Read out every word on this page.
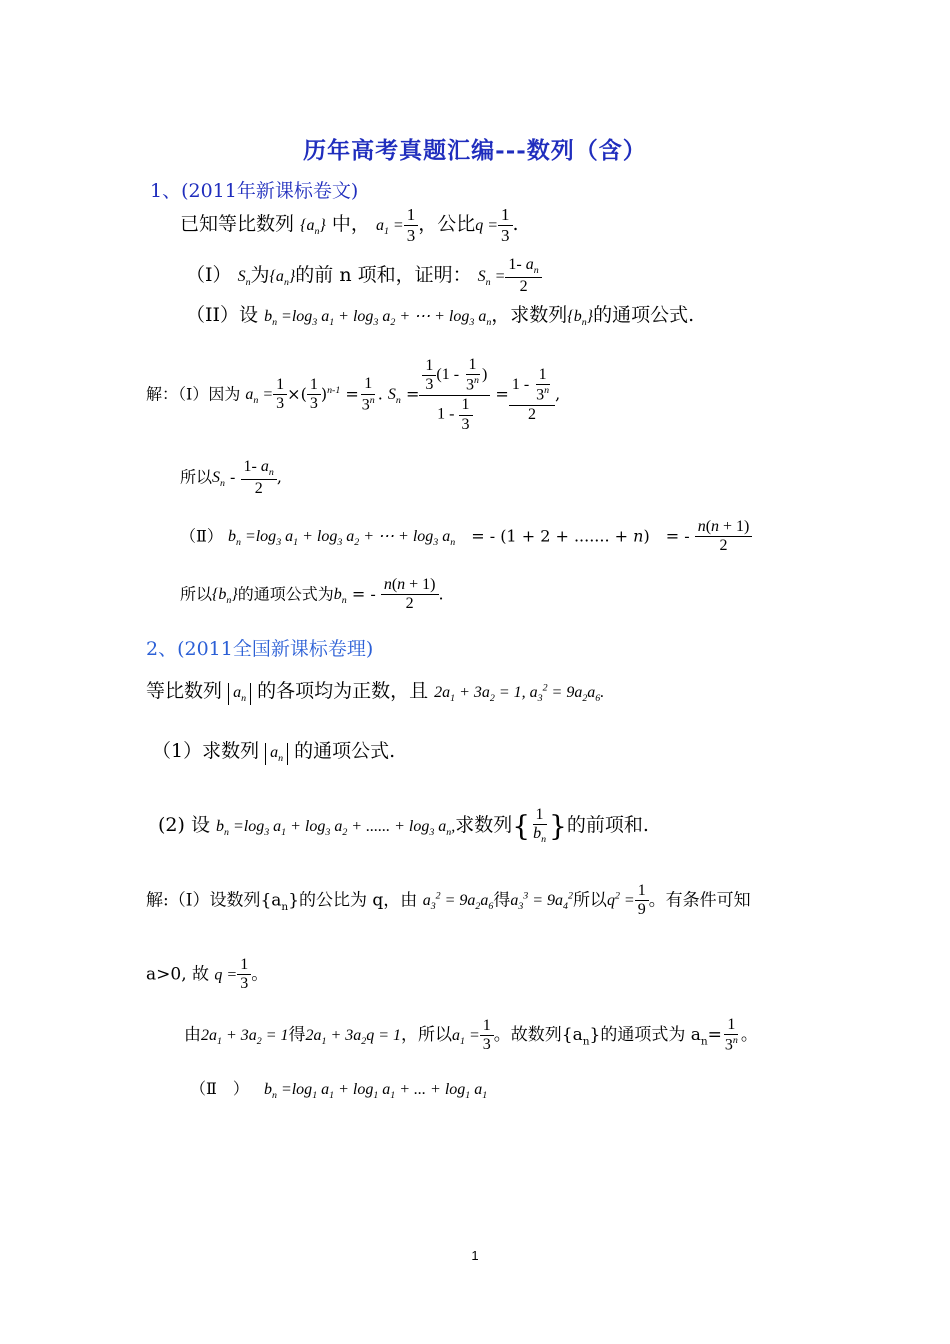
历年高考真题汇编---数列（含）
1、(2011年新课标卷文)
已知等比数列 $\{a_n\}$ 中， $a_1 = \frac{1}{3}$ ，公比$q = \frac{1}{3}$ .
（I） $S_n$为$\{a_n\}$的前 n 项和，证明： $S_n = \frac{1- a_n}{2}$
（II）设 $b_n =\log_3$ $a_1 + \log_3 a_2$ + ⋯ + $\log_3 a_n$，求数列$\{b_n\}$的通项公式.
解：（Ⅰ）因为 $a_n = \frac{1}{3}$ ×( $\frac{1}{3} )^{n-1} = \frac{1}{3^n}$ . $S_n = \frac{\frac{1}{3} (1 - \frac{1}{3^n} )}{1 - \frac{1}{3}} = \frac{1 - \frac{1}{3^n}}{2}$ ,
所以$S_n - \frac{1- a_n}{2}$ ,
（Ⅱ） $b_n =\log_3$ $a_1 + \log_3 a_2$ + ⋯ + $\log_3 a_n$　= - (1 + 2 + ....... + n)　= - $\frac{n(n + 1)}{2}$
所以$\{b_n\}$的通项公式为$b_n$ = - $\frac{n(n + 1)}{2}$ .
2、(2011全国新课标卷理)
等比数列 $a_n$ 的各项均为正数，且 $2a_1 + 3a_2 = 1$, $a_3^2 = 9a_2a_6$.
（1）求数列 $a_n$ 的通项公式.
(2) 设 $b_n =\log_3$ $a_1 + \log_3 a_2$ + ...... + $\log_3 a_n$,求数列{ $\frac{1}{b_n}$ }的前项和.
解:（Ⅰ）设数列$\{a_n\}$的公比为 q，由 $a_3^2 = 9a_2a_6$得$a_3^3 = 9a_4^2$所以$q^2 = \frac{1}{9}$ 。有条件可知
a>0, 故 $q = \frac{1}{3}$ 。
由$2a_1 + 3a_2 = 1$得$2a_1 + 3a_2q = 1$，所以$a_1 = \frac{1}{3}$ 。故数列$\{a_n\}$的通项式为 $a_n= \frac{1}{3^n}$ 。
（Ⅱ　） $b_n =\log_1$ $a_1 + \log_1 a_1$ + ... + $\log_1 a_1$
1
